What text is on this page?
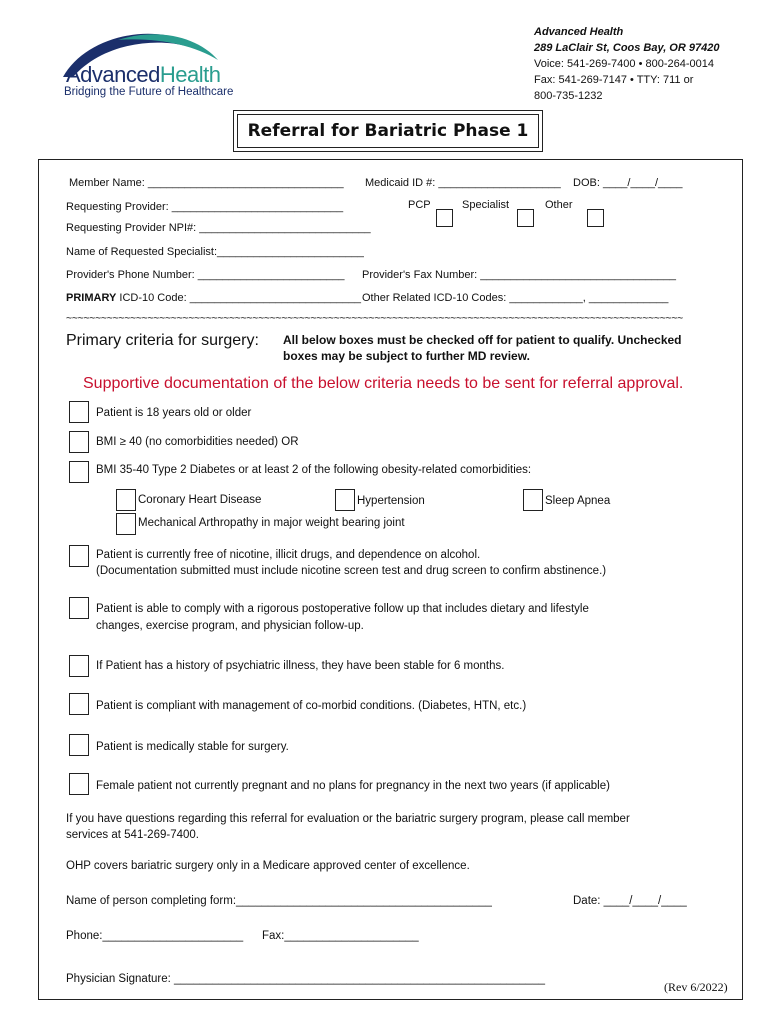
AdvancedHealth
Bridging the Future of Healthcare
Advanced Health
289 LaClair St, Coos Bay, OR 97420
Voice: 541-269-7400 • 800-264-0014
Fax: 541-269-7147 • TTY: 711 or
800-735-1232
Referral for Bariatric Phase 1
Member Name: ________________________________ Medicaid ID #: ____________________ DOB: ____/____/____
Requesting Provider: ____________________________	PCP	Specialist	Other
Requesting Provider NPI#: ____________________________
Name of Requested Specialist:________________________
Provider's Phone Number: ________________________ Provider's Fax Number: ________________________________
PRIMARY ICD-10 Code: ____________________________ Other Related ICD-10 Codes: ____________, _____________
~~~~~~~~~~~~~~~~~~~~~~~~~~~~~~~~~~~~~~~~~~~~~~~~~~~~~~~~~~~~~~~~~~~~~~~~~~~~~~~~~~~~~~~~~~~~~~~~~~~~~~~~~~
Primary criteria for surgery: All below boxes must be checked off for patient to qualify. Unchecked boxes may be subject to further MD review.
Supportive documentation of the below criteria needs to be sent for referral approval.
Patient is 18 years old or older
BMI ≥ 40 (no comorbidities needed) OR
BMI 35-40 Type 2 Diabetes or at least 2 of the following obesity-related comorbidities:
Coronary Heart Disease	Hypertension	Sleep Apnea
Mechanical Arthropathy in major weight bearing joint
Patient is currently free of nicotine, illicit drugs, and dependence on alcohol.
(Documentation submitted must include nicotine screen test and drug screen to confirm abstinence.)
Patient is able to comply with a rigorous postoperative follow up that includes dietary and lifestyle
changes, exercise program, and physician follow-up.
If Patient has a history of psychiatric illness, they have been stable for 6 months.
Patient is compliant with management of co-morbid conditions. (Diabetes, HTN, etc.)
Patient is medically stable for surgery.
Female patient not currently pregnant and no plans for pregnancy in the next two years (if applicable)
If you have questions regarding this referral for evaluation or the bariatric surgery program, please call member
services at 541-269-7400.
OHP covers bariatric surgery only in a Medicare approved center of excellence.
Name of person completing form:________________________________________	Date: ____/____/____
Phone:______________________ Fax:_____________________
Physician Signature: __________________________________________________________
(Rev 6/2022)
